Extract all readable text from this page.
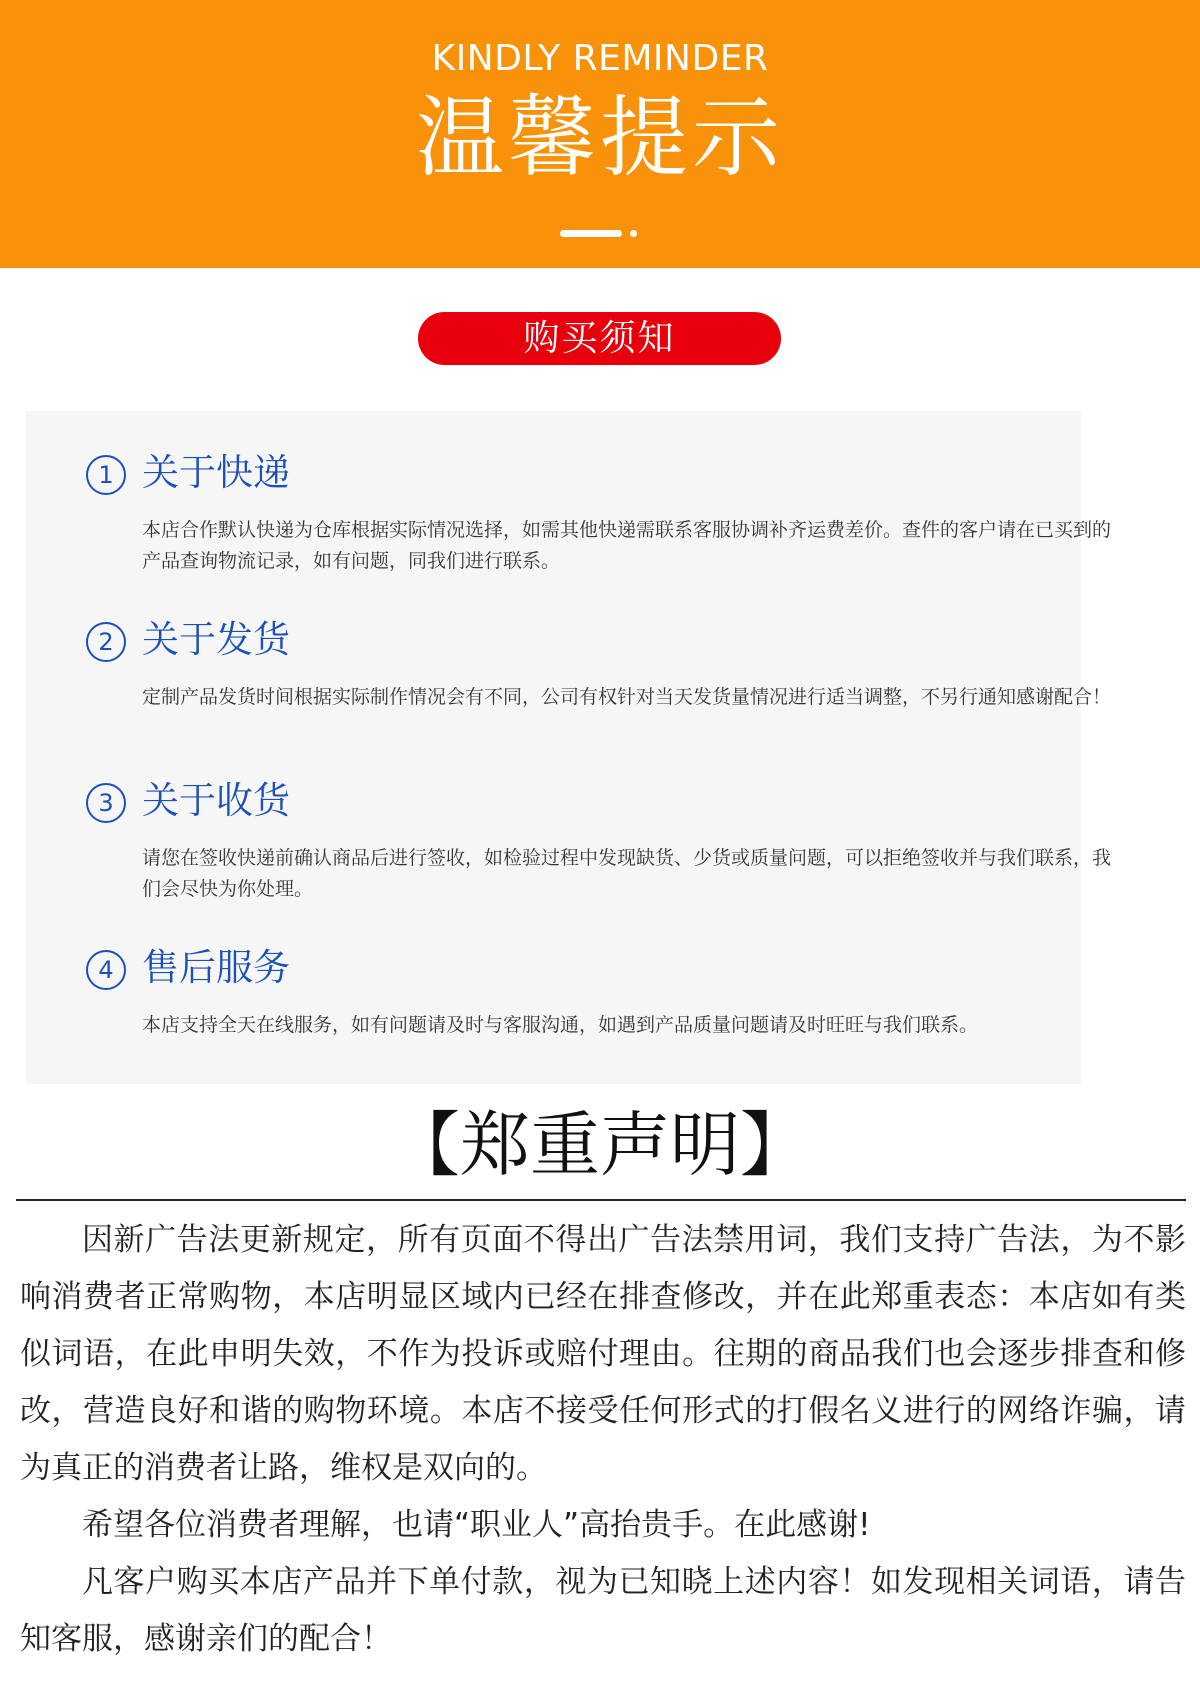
KINDLY REMINDER
温馨提示
购买须知
1 关于快递
本店合作默认快递为仓库根据实际情况选择，如需其他快递需联系客服协调补齐运费差价。查件的客户请在已买到的产品查询物流记录，如有问题，同我们进行联系。
2 关于发货
定制产品发货时间根据实际制作情况会有不同，公司有权针对当天发货量情况进行适当调整，不另行通知感谢配合！
3 关于收货
请您在签收快递前确认商品后进行签收，如检验过程中发现缺货、少货或质量问题，可以拒绝签收并与我们联系，我们会尽快为你处理。
4 售后服务
本店支持全天在线服务，如有问题请及时与客服沟通，如遇到产品质量问题请及时旺旺与我们联系。
【郑重声明】

因新广告法更新规定，所有页面不得出广告法禁用词，我们支持广告法，为不影响消费者正常购物，本店明显区域内已经在排查修改，并在此郑重表态：本店如有类似词语，在此申明失效，不作为投诉或赔付理由。往期的商品我们也会逐步排查和修改，营造良好和谐的购物环境。本店不接受任何形式的打假名义进行的网络诈骗，请为真正的消费者让路，维权是双向的。

希望各位消费者理解，也请“职业人”高抬贵手。在此感谢!

凡客户购买本店产品并下单付款，视为已知晓上述内容！如发现相关词语，请告知客服，感谢亲们的配合！
